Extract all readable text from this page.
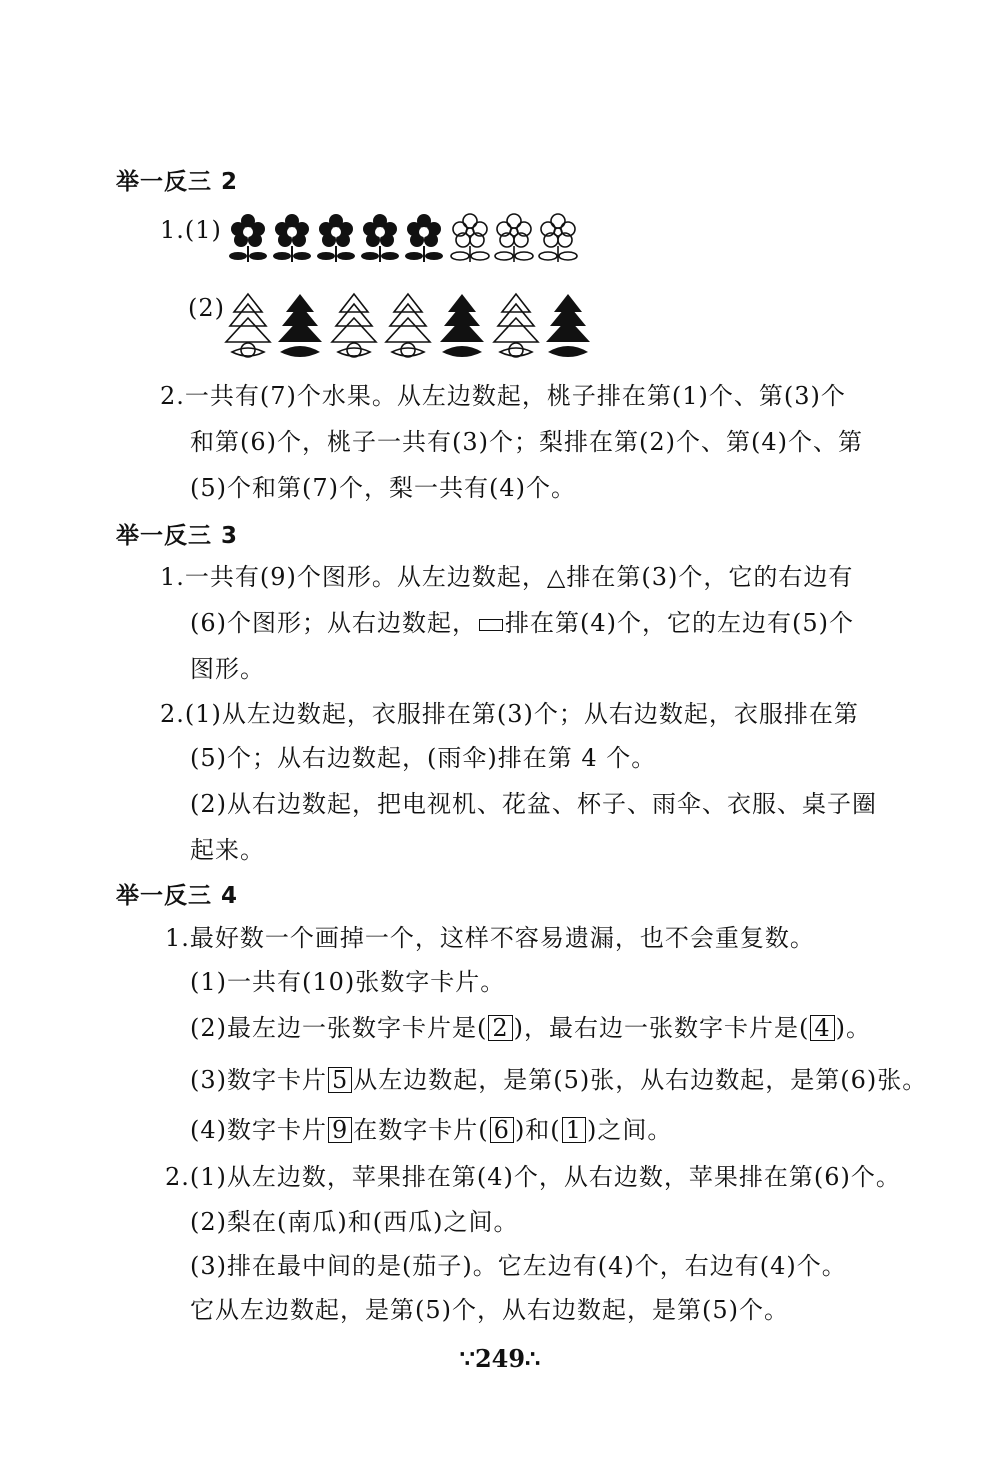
举一反三 2
1.(1)
(2)
2.一共有(7)个水果。从左边数起，桃子排在第(1)个、第(3)个
和第(6)个，桃子一共有(3)个；梨排在第(2)个、第(4)个、第
(5)个和第(7)个，梨一共有(4)个。
举一反三 3
1.一共有(9)个图形。从左边数起，△排在第(3)个，它的右边有
(6)个图形；从右边数起， 排在第(4)个，它的左边有(5)个
图形。
2.(1)从左边数起，衣服排在第(3)个；从右边数起，衣服排在第
(5)个；从右边数起，(雨伞)排在第 4 个。
(2)从右边数起，把电视机、花盆、杯子、雨伞、衣服、桌子圈
起来。
举一反三 4
1.最好数一个画掉一个，这样不容易遗漏，也不会重复数。
(1)一共有(10)张数字卡片。
(2)最左边一张数字卡片是( 2 )，最右边一张数字卡片是( 4 )。
(3)数字卡片 5 从左边数起，是第(5)张，从右边数起，是第(6)张。
(4)数字卡片 9 在数字卡片( 6 )和( 1 )之间。
2.(1)从左边数，苹果排在第(4)个，从右边数，苹果排在第(6)个。
(2)梨在(南瓜)和(西瓜)之间。
(3)排在最中间的是(茄子)。它左边有(4)个，右边有(4)个。
它从左边数起，是第(5)个，从右边数起，是第(5)个。
∵249∴
